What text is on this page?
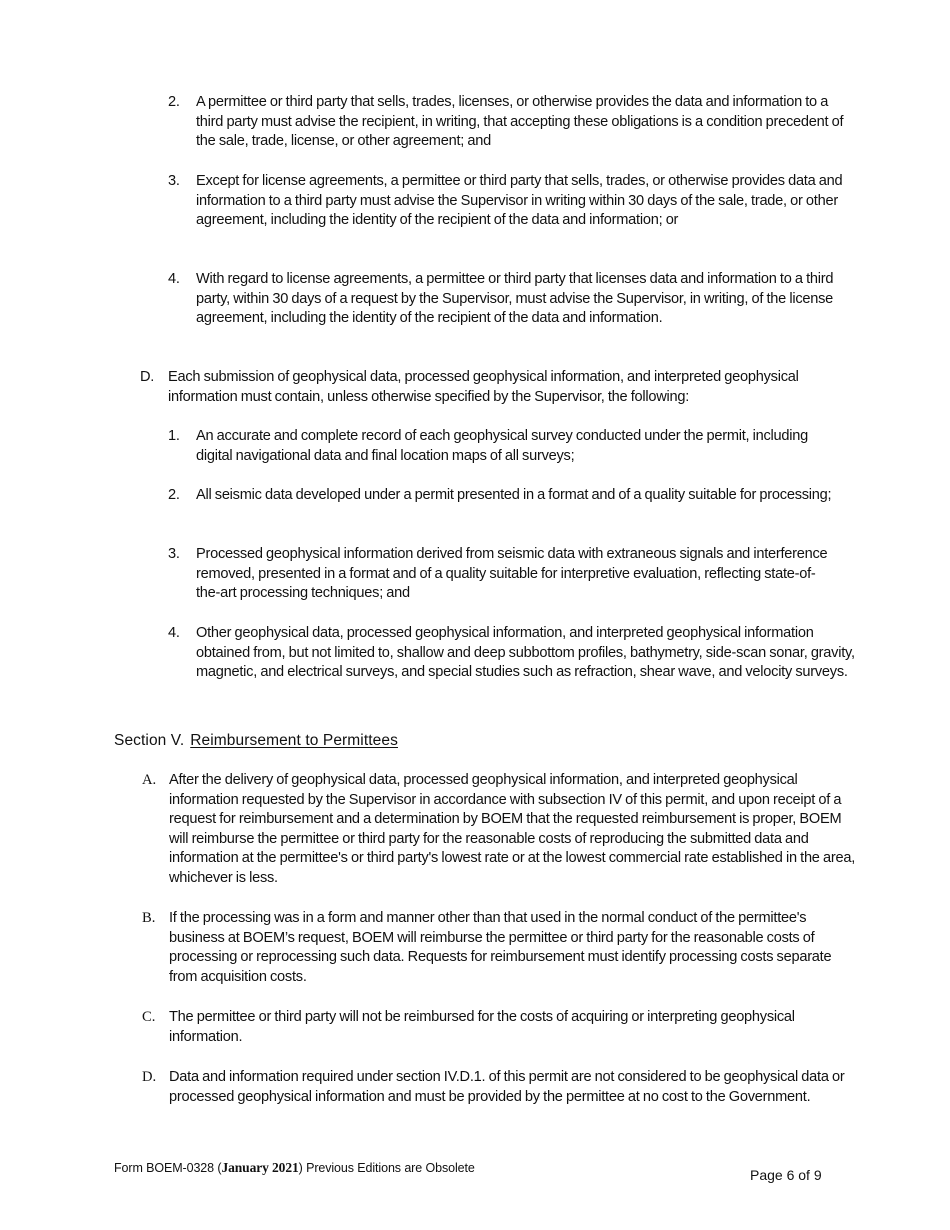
2. A permittee or third party that sells, trades, licenses, or otherwise provides the data and information to a third party must advise the recipient, in writing, that accepting these obligations is a condition precedent of the sale, trade, license, or other agreement; and
3. Except for license agreements, a permittee or third party that sells, trades, or otherwise provides data and information to a third party must advise the Supervisor in writing within 30 days of the sale, trade, or other agreement, including the identity of the recipient of the data and information; or
4. With regard to license agreements, a permittee or third party that licenses data and information to a third party, within 30 days of a request by the Supervisor, must advise the Supervisor, in writing, of the license agreement, including the identity of the recipient of the data and information.
D. Each submission of geophysical data, processed geophysical information, and interpreted geophysical information must contain, unless otherwise specified by the Supervisor, the following:
1. An accurate and complete record of each geophysical survey conducted under the permit, including digital navigational data and final location maps of all surveys;
2. All seismic data developed under a permit presented in a format and of a quality suitable for processing;
3. Processed geophysical information derived from seismic data with extraneous signals and interference removed, presented in a format and of a quality suitable for interpretive evaluation, reflecting state-of-the-art processing techniques; and
4. Other geophysical data, processed geophysical information, and interpreted geophysical information obtained from, but not limited to, shallow and deep subbottom profiles, bathymetry, side-scan sonar, gravity, magnetic, and electrical surveys, and special studies such as refraction, shear wave, and velocity surveys.
Section V. Reimbursement to Permittees
A. After the delivery of geophysical data, processed geophysical information, and interpreted geophysical information requested by the Supervisor in accordance with subsection IV of this permit, and upon receipt of a request for reimbursement and a determination by BOEM that the requested reimbursement is proper, BOEM will reimburse the permittee or third party for the reasonable costs of reproducing the submitted data and information at the permittee's or third party's lowest rate or at the lowest commercial rate established in the area, whichever is less.
B. If the processing was in a form and manner other than that used in the normal conduct of the permittee's business at BOEM’s request, BOEM will reimburse the permittee or third party for the reasonable costs of processing or reprocessing such data. Requests for reimbursement must identify processing costs separate from acquisition costs.
C. The permittee or third party will not be reimbursed for the costs of acquiring or interpreting geophysical information.
D. Data and information required under section IV.D.1. of this permit are not considered to be geophysical data or processed geophysical information and must be provided by the permittee at no cost to the Government.
Form BOEM-0328 (January 2021) Previous Editions are Obsolete	Page 6 of 9
